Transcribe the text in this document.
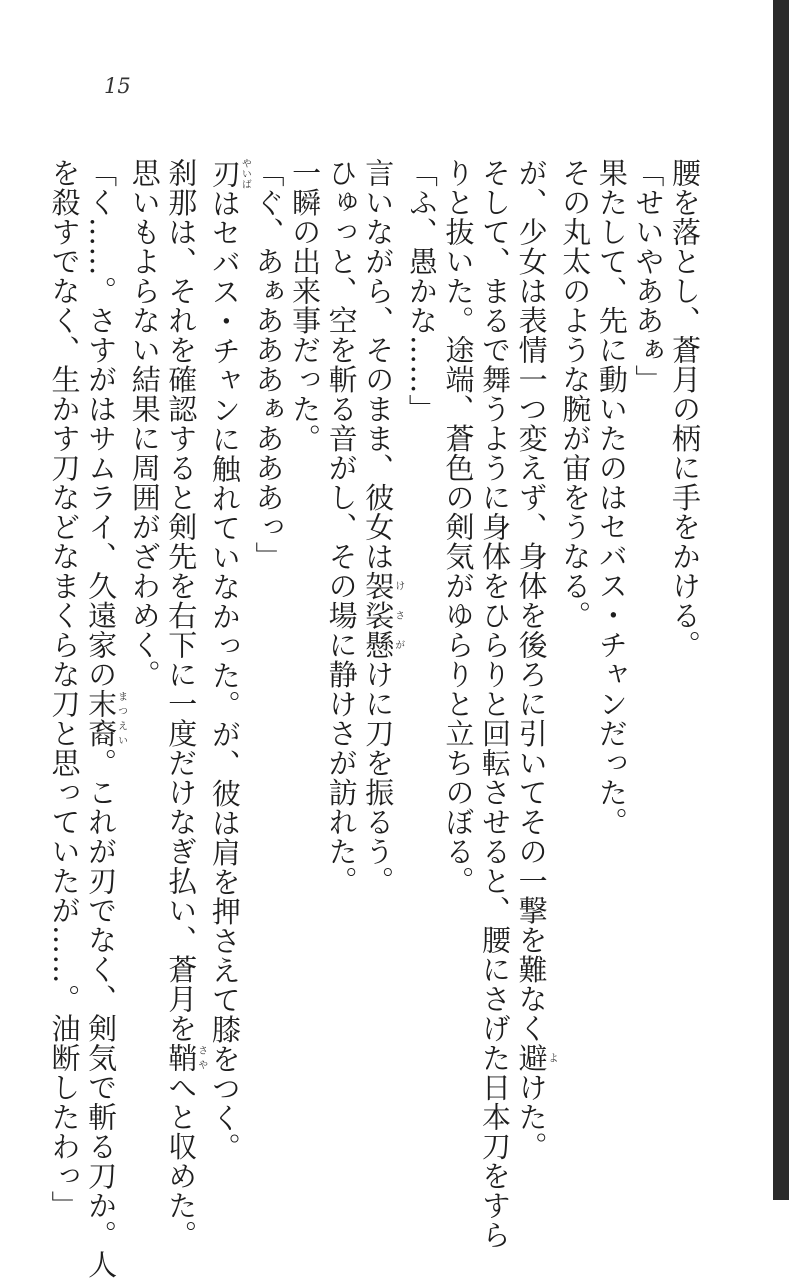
15

腰を落とし、蒼月の柄に手をかける。

「せいやああぁ」

果たして、先に動いたのはセバス・チャンだった。

その丸太のような腕が宙をうなる。

が、少女は表情一つ変えず、身体を後ろに引いてその一撃を難なく避よけた。

そして、まるで舞うように身体をひらりと回転させると、腰にさげた日本刀をすら

りと抜いた。途端、蒼色の剣気がゆらりと立ちのぼる。

「ふ、愚かな……」

言いながら、そのまま、彼女は袈裟懸けさがけに刀を振るう。

ひゅっと、空を斬る音がし、その場に静けさが訪れた。

一瞬の出来事だった。

「ぐ、あぁあああぁあああっ」

刃やいばはセバス・チャンに触れていなかった。が、彼は肩を押さえて膝をつく。

刹那は、それを確認すると剣先を右下に一度だけなぎ払い、蒼月を鞘さやへと収めた。

思いもよらない結果に周囲がざわめく。

「く……。さすがはサムライ、久遠家の末裔まつえい。これが刃でなく、剣気で斬る刀か。人

を殺すでなく、生かす刀などなまくらな刀と思っていたが……。油断したわっ」
